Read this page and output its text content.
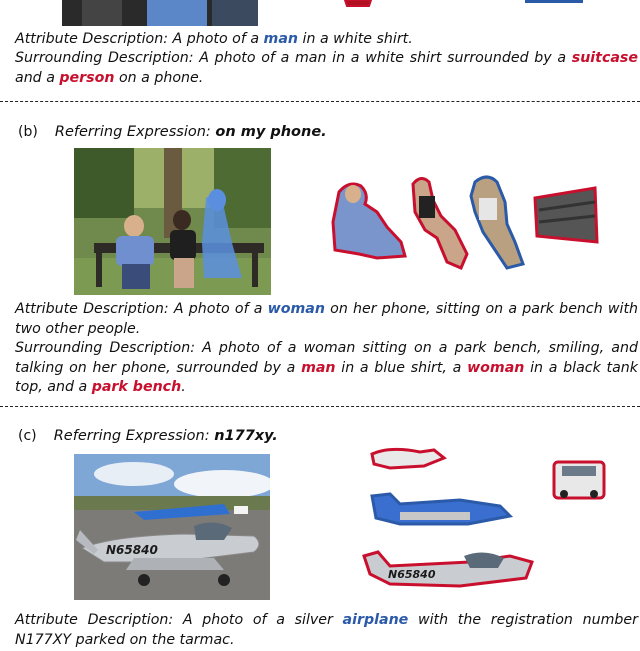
Attribute Description: A photo of a man in a white shirt.

Surrounding Description: A photo of a man in a white shirt surrounded by a suitcase and a person on a phone.

(b) Referring Expression: on my phone.

Attribute Description: A photo of a woman on her phone, sitting on a park bench with two other people.

Surrounding Description: A photo of a woman sitting on a park bench, smiling, and talking on her phone, surrounded by a man in a blue shirt, a woman in a black tank top, and a park bench.

(c) Referring Expression: n177xy.
N65840
N65840

Attribute Description: A photo of a silver airplane with the registration number N177XY parked on the tarmac.
